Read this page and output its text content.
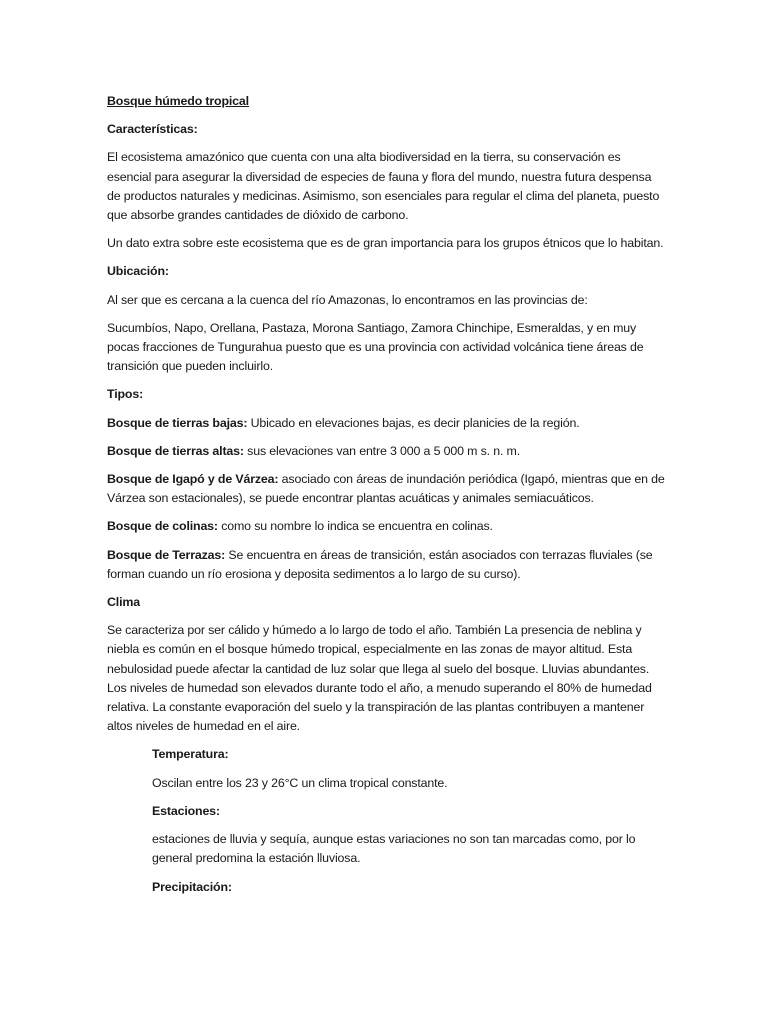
Bosque húmedo tropical
Características:
El ecosistema amazónico que cuenta con una alta biodiversidad en la tierra, su conservación es esencial para asegurar la diversidad de especies de fauna y flora del mundo, nuestra futura despensa de productos naturales y medicinas. Asimismo, son esenciales para regular el clima del planeta, puesto que absorbe grandes cantidades de dióxido de carbono.
Un dato extra sobre este ecosistema que es de gran importancia para los grupos étnicos que lo habitan.
Ubicación:
Al ser que es cercana a la cuenca del río Amazonas, lo encontramos en las provincias de:
Sucumbíos, Napo, Orellana, Pastaza, Morona Santiago, Zamora Chinchipe, Esmeraldas, y en muy pocas fracciones de Tungurahua puesto que es una provincia con actividad volcánica tiene áreas de transición que pueden incluirlo.
Tipos:
Bosque de tierras bajas: Ubicado en elevaciones bajas, es decir planicies de la región.
Bosque de tierras altas: sus elevaciones van entre 3 000 a 5 000 m s. n. m.
Bosque de Igapó y de Várzea: asociado con áreas de inundación periódica (Igapó, mientras que en de Várzea son estacionales), se puede encontrar plantas acuáticas y animales semiacuáticos.
Bosque de colinas: como su nombre lo indica se encuentra en colinas.
Bosque de Terrazas: Se encuentra en áreas de transición, están asociados con terrazas fluviales (se forman cuando un río erosiona y deposita sedimentos a lo largo de su curso).
Clima
Se caracteriza por ser cálido y húmedo a lo largo de todo el año. También La presencia de neblina y niebla es común en el bosque húmedo tropical, especialmente en las zonas de mayor altitud. Esta nebulosidad puede afectar la cantidad de luz solar que llega al suelo del bosque. Lluvias abundantes. Los niveles de humedad son elevados durante todo el año, a menudo superando el 80% de humedad relativa. La constante evaporación del suelo y la transpiración de las plantas contribuyen a mantener altos niveles de humedad en el aire.
Temperatura:
Oscilan entre los 23 y 26°C un clima tropical constante.
Estaciones:
estaciones de lluvia y sequía, aunque estas variaciones no son tan marcadas como, por lo general predomina la estación lluviosa.
Precipitación:
